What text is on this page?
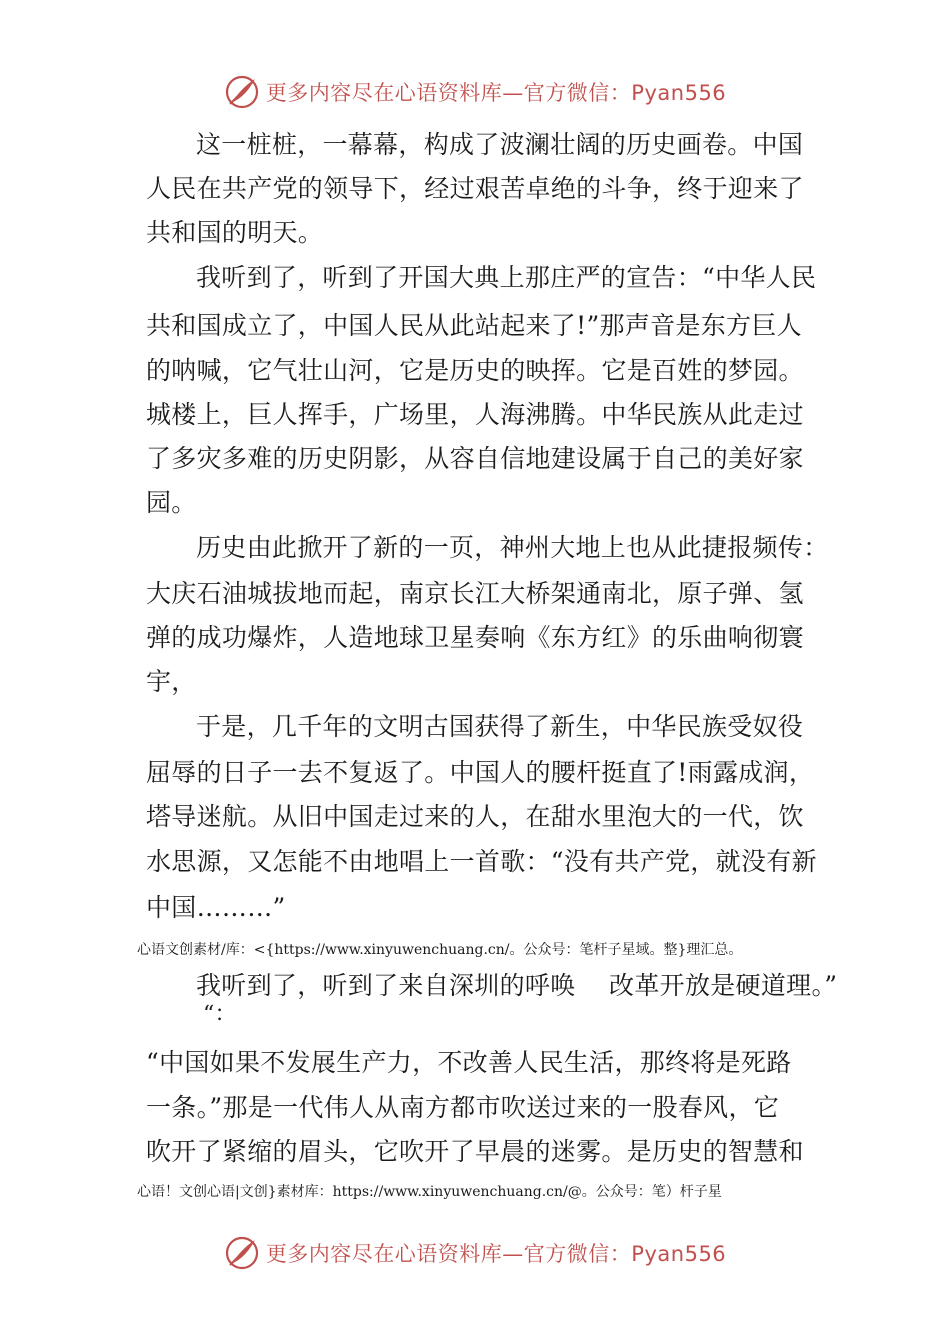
更多内容尽在心语资料库—官方微信：Pyan556
这一桩桩，一幕幕，构成了波澜壮阔的历史画卷。中国
人民在共产党的领导下，经过艰苦卓绝的斗争，终于迎来了
共和国的明天。
我听到了，听到了开国大典上那庄严的宣告：“中华人民
共和国成立了，中国人民从此站起来了!”那声音是东方巨人
的呐喊，它气壮山河，它是历史的映挥。它是百姓的梦园。
城楼上，巨人挥手，广场里，人海沸腾。中华民族从此走过
了多灾多难的历史阴影，从容自信地建设属于自己的美好家
园。
历史由此掀开了新的一页，神州大地上也从此捷报频传：
大庆石油城拔地而起，南京长江大桥架通南北，原子弹、氢
弹的成功爆炸，人造地球卫星奏响《东方红》的乐曲响彻寰
宇，
于是，几千年的文明古国获得了新生，中华民族受奴役
屈辱的日子一去不复返了。中国人的腰杆挺直了!雨露成润，
塔导迷航。从旧中国走过来的人，在甜水里泡大的一代，饮
水思源，又怎能不由地唱上一首歌：“没有共产党，就没有新
中国………”
心语文创素材/库：<{https://www.xinyuwenchuang.cn/。公众号：笔杆子星域。整}理汇总。
我听到了，听到了来自深圳的呼唤　 改革开放是硬道理。”
“：
“中国如果不发展生产力，不改善人民生活，那终将是死路
一条。”那是一代伟人从南方都市吹送过来的一股春风，它
吹开了紧缩的眉头，它吹开了早晨的迷雾。是历史的智慧和
心语！文创心语|文创}素材库：https://www.xinyuwenchuang.cn/@。公众号：笔）杆子星
更多内容尽在心语资料库—官方微信：Pyan556
